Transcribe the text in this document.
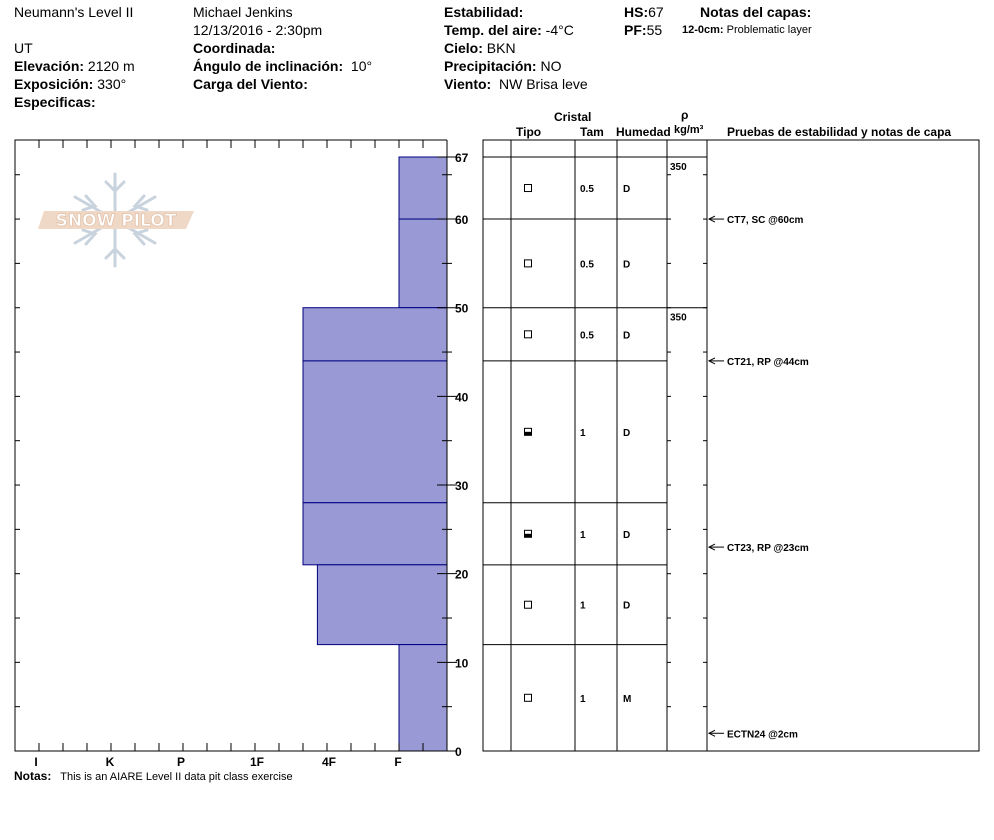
Neumann's Level II
UT
Elevación: 2120 m
Exposición: 330°
Especificas:
Michael Jenkins
12/13/2016 - 2:30pm
Coordinada:
Ángulo de inclinación: 10°
Carga del Viento:
Estabilidad:
Temp. del aire: -4°C
Cielo: BKN
Precipitación: NO
Viento: NW Brisa leve
HS:67
PF:55
Notas del capas:
12-0cm: Problematic layer
Cristal
Tipo	Tam Humedad
ρ
kg/m³ Pruebas de estabilidad y notas de capa
Notas: This is an AIARE Level II data pit class exercise
SNOW PILOT
0
10
20
30
40
50
60
67
I	K	P	1F	4F	F
350
350
0.5	D
0.5	D
0.5	D
1	D
1	D
1	D
1	M
CT7, SC @60cm
CT21, RP @44cm
CT23, RP @23cm
ECTN24 @2cm
